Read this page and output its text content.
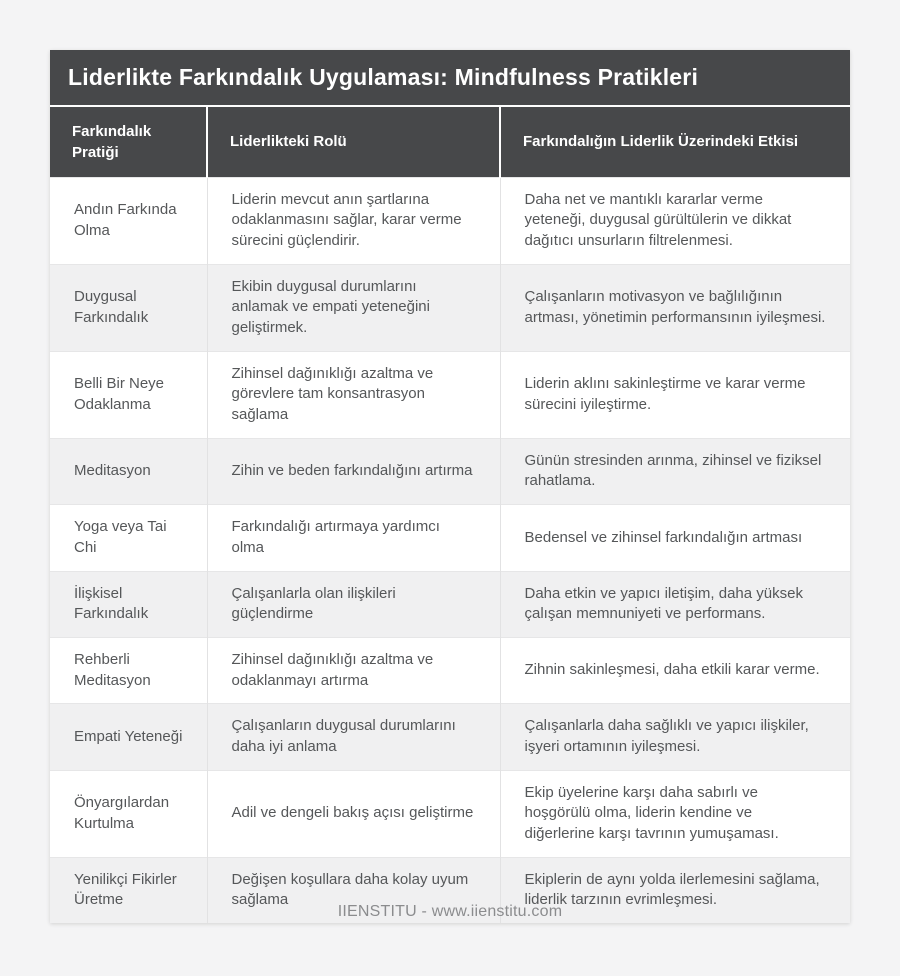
Liderlikte Farkındalık Uygulaması: Mindfulness Pratikleri
Farkındalık Pratiği	Liderlikteki Rolü	Farkındalığın Liderlik Üzerindeki Etkisi
Andın Farkında Olma	Liderin mevcut anın şartlarına odaklanmasını sağlar, karar verme sürecini güçlendirir.	Daha net ve mantıklı kararlar verme yeteneği, duygusal gürültülerin ve dikkat dağıtıcı unsurların filtrelenmesi.
Duygusal Farkındalık	Ekibin duygusal durumlarını anlamak ve empati yeteneğini geliştirmek.	Çalışanların motivasyon ve bağlılığının artması, yönetimin performansının iyileşmesi.
Belli Bir Neye Odaklanma	Zihinsel dağınıklığı azaltma ve görevlere tam konsantrasyon sağlama	Liderin aklını sakinleştirme ve karar verme sürecini iyileştirme.
Meditasyon	Zihin ve beden farkındalığını artırma	Günün stresinden arınma, zihinsel ve fiziksel rahatlama.
Yoga veya Tai Chi	Farkındalığı artırmaya yardımcı olma	Bedensel ve zihinsel farkındalığın artması
İlişkisel Farkındalık	Çalışanlarla olan ilişkileri güçlendirme	Daha etkin ve yapıcı iletişim, daha yüksek çalışan memnuniyeti ve performans.
Rehberli Meditasyon	Zihinsel dağınıklığı azaltma ve odaklanmayı artırma	Zihnin sakinleşmesi, daha etkili karar verme.
Empati Yeteneği	Çalışanların duygusal durumlarını daha iyi anlama	Çalışanlarla daha sağlıklı ve yapıcı ilişkiler, işyeri ortamının iyileşmesi.
Önyargılardan Kurtulma	Adil ve dengeli bakış açısı geliştirme	Ekip üyelerine karşı daha sabırlı ve hoşgörülü olma, liderin kendine ve diğerlerine karşı tavrının yumuşaması.
Yenilikçi Fikirler Üretme	Değişen koşullara daha kolay uyum sağlama	Ekiplerin de aynı yolda ilerlemesini sağlama, liderlik tarzının evrimleşmesi.
IIENSTITU - www.iienstitu.com
